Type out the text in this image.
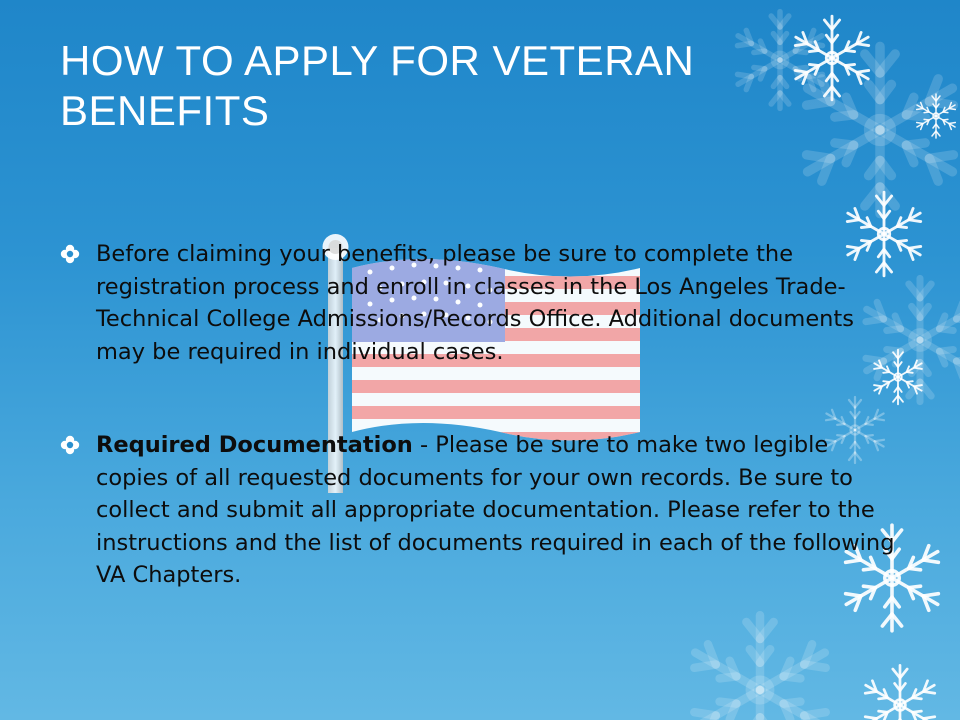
HOW TO APPLY FOR VETERAN BENEFITS

Before claiming your benefits, please be sure to complete the registration process and enroll in classes in the Los Angeles Trade-Technical College Admissions/Records Office. Additional documents may be required in individual cases.

Required Documentation - Please be sure to make two legible copies of all requested documents for your own records. Be sure to collect and submit all appropriate documentation. Please refer to the instructions and the list of documents required in each of the following VA Chapters.
